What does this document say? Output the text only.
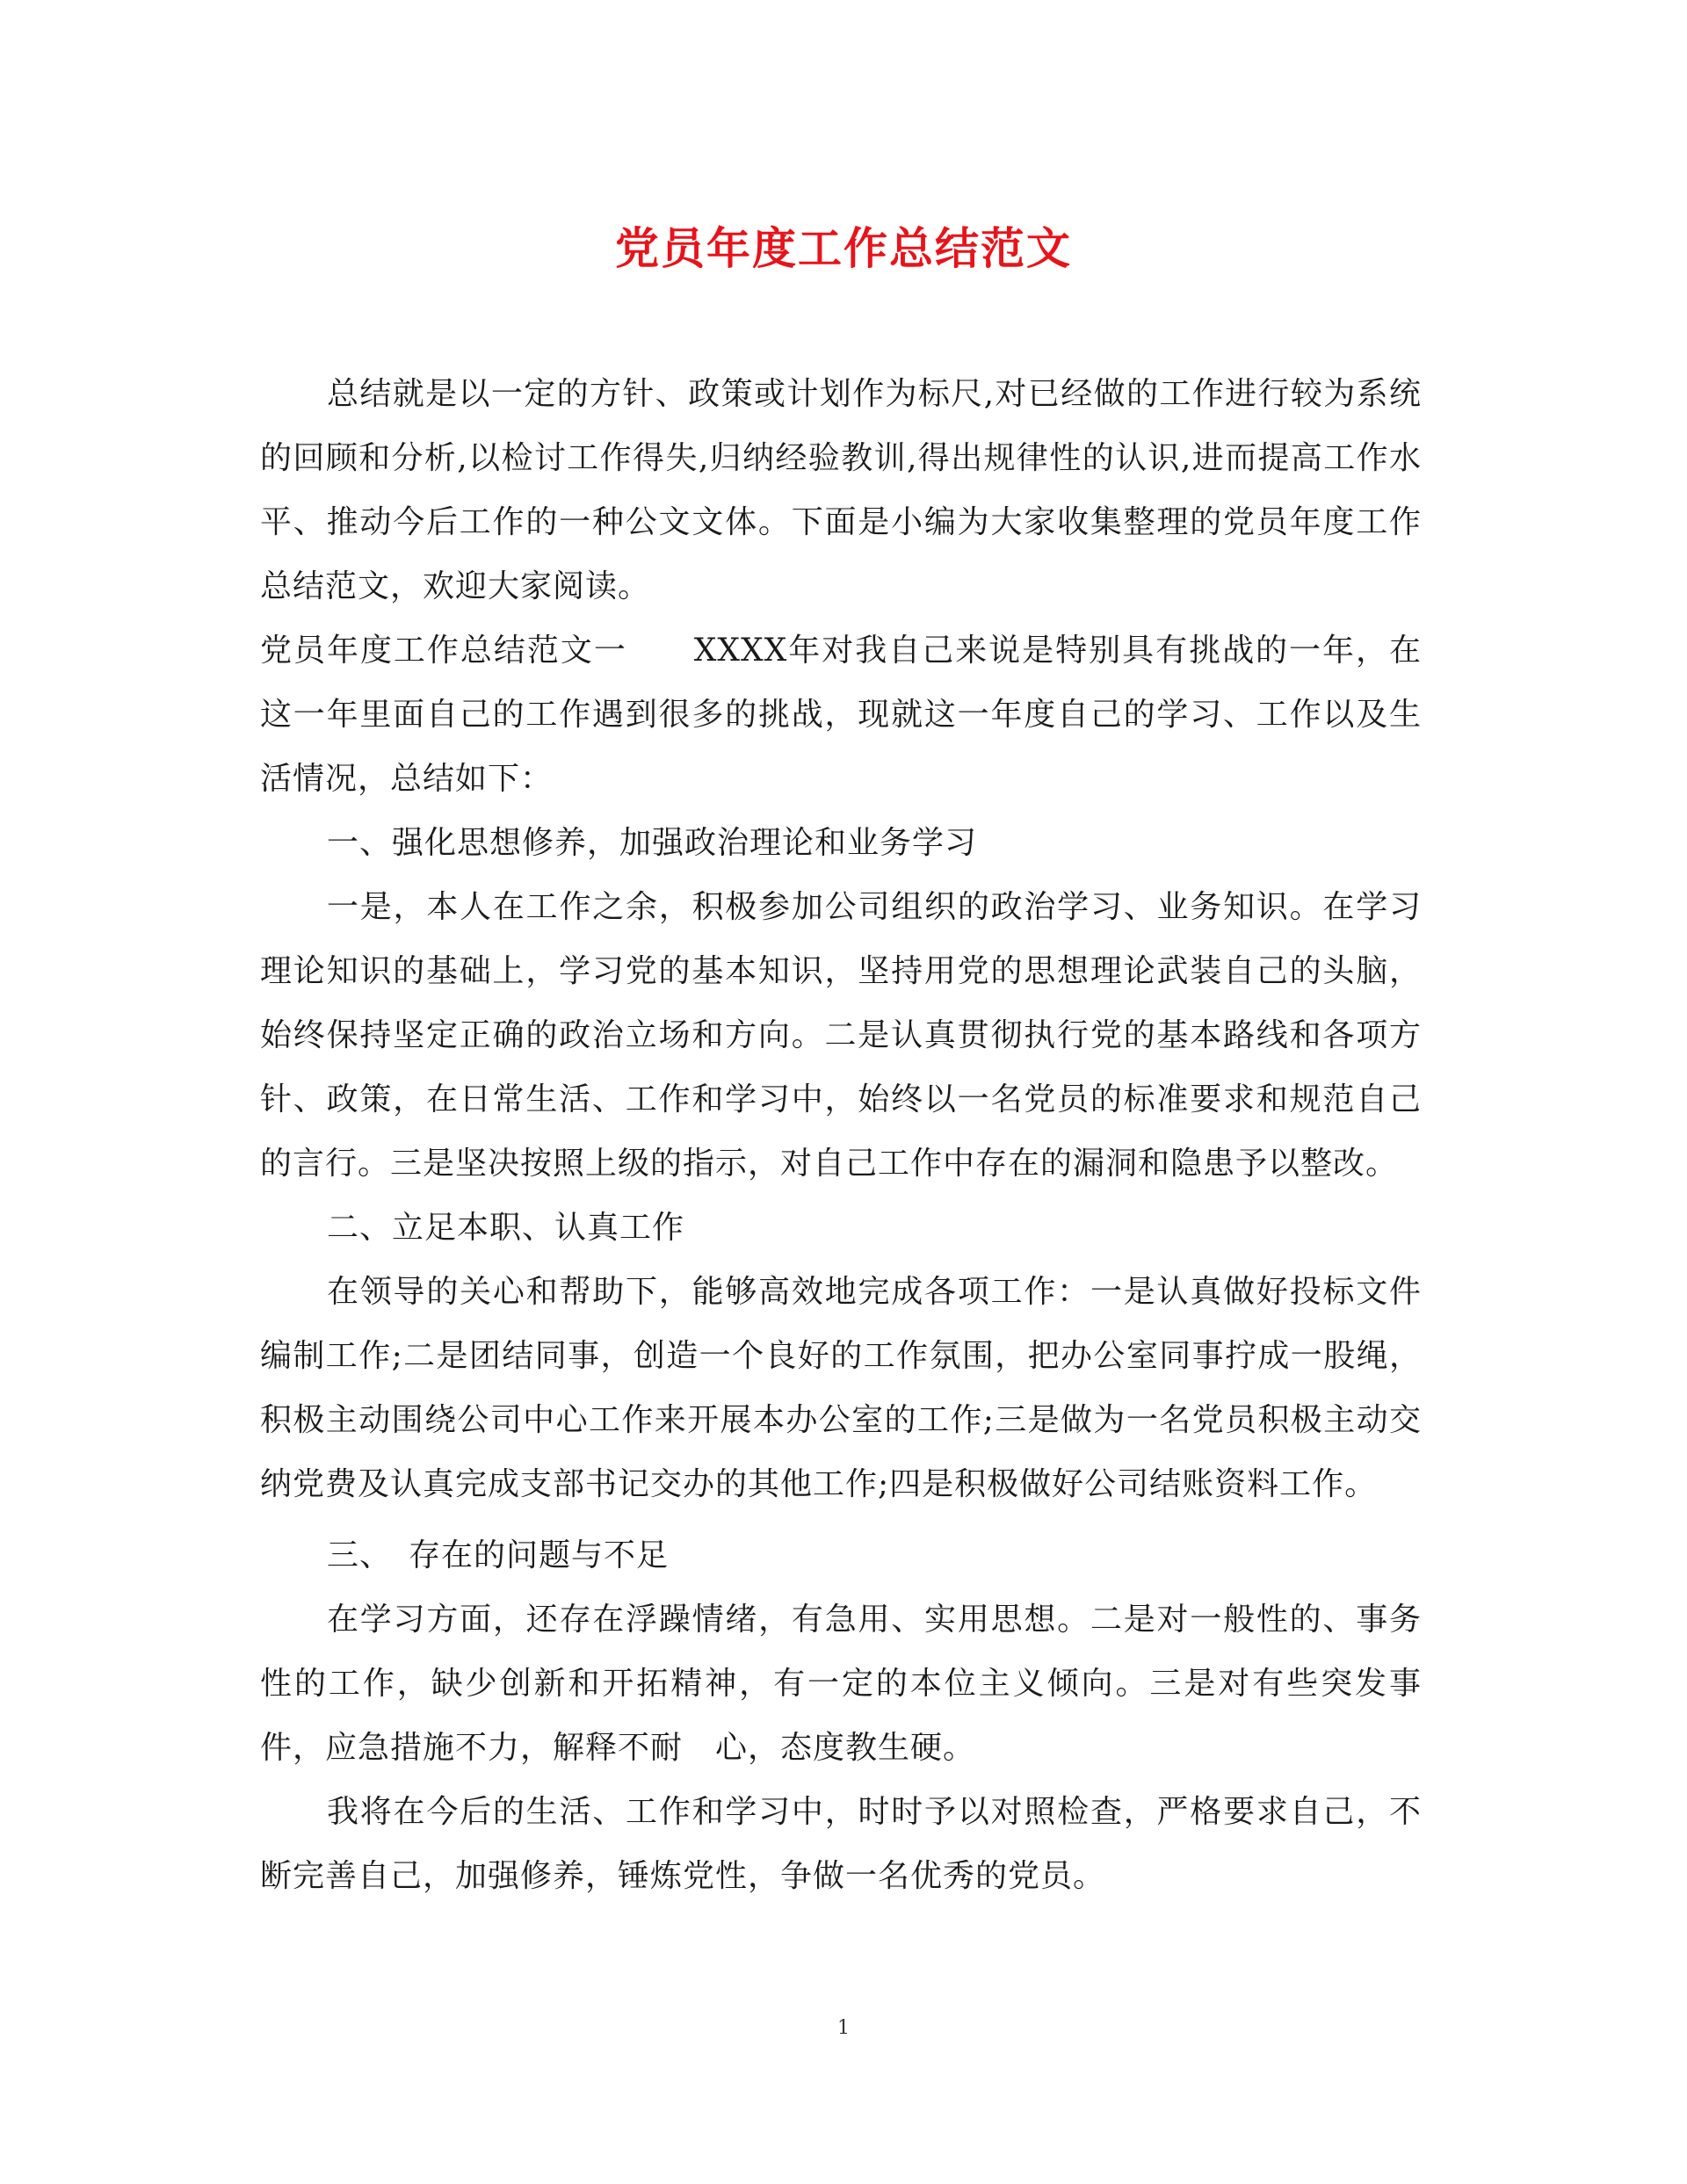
党员年度工作总结范文

总结就是以一定的方针、政策或计划作为标尺,对已经做的工作进行较为系统的回顾和分析,以检讨工作得失,归纳经验教训,得出规律性的认识,进而提高工作水平、推动今后工作的一种公文文体。下面是小编为大家收集整理的党员年度工作总结范文，欢迎大家阅读。

党员年度工作总结范文一　　XXXX年对我自己来说是特别具有挑战的一年，在这一年里面自己的工作遇到很多的挑战，现就这一年度自己的学习、工作以及生活情况，总结如下：

一、强化思想修养，加强政治理论和业务学习

一是，本人在工作之余，积极参加公司组织的政治学习、业务知识。在学习理论知识的基础上，学习党的基本知识，坚持用党的思想理论武装自己的头脑，始终保持坚定正确的政治立场和方向。二是认真贯彻执行党的基本路线和各项方针、政策，在日常生活、工作和学习中，始终以一名党员的标准要求和规范自己的言行。三是坚决按照上级的指示，对自己工作中存在的漏洞和隐患予以整改。

二、立足本职、认真工作

在领导的关心和帮助下，能够高效地完成各项工作：一是认真做好投标文件编制工作;二是团结同事，创造一个良好的工作氛围，把办公室同事拧成一股绳，积极主动围绕公司中心工作来开展本办公室的工作;三是做为一名党员积极主动交纳党费及认真完成支部书记交办的其他工作;四是积极做好公司结账资料工作。

三、　存在的问题与不足

在学习方面，还存在浮躁情绪，有急用、实用思想。二是对一般性的、事务性的工作，缺少创新和开拓精神，有一定的本位主义倾向。三是对有些突发事件，应急措施不力，解释不耐　心，态度教生硬。

我将在今后的生活、工作和学习中，时时予以对照检查，严格要求自己，不断完善自己，加强修养，锤炼党性，争做一名优秀的党员。

1
